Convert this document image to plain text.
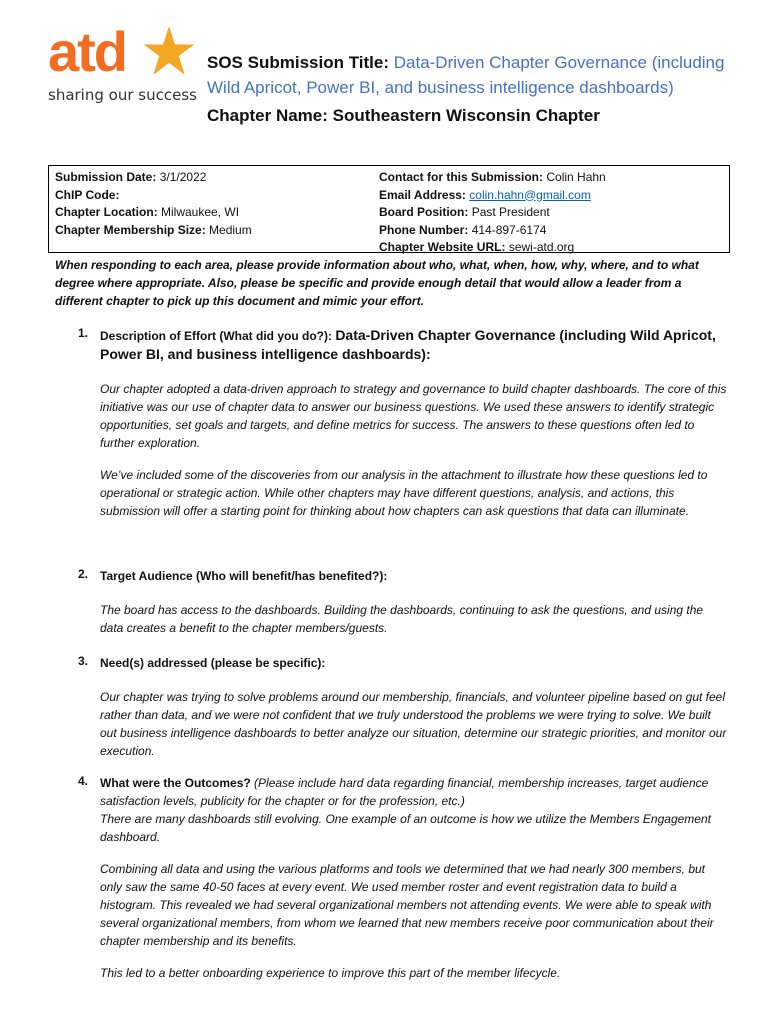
atd
sharing our success

SOS Submission Title: Data-Driven Chapter Governance (including Wild Apricot, Power BI, and business intelligence dashboards)

Chapter Name: Southeastern Wisconsin Chapter

Submission Date: 3/1/2022
ChIP Code:
Chapter Location: Milwaukee, WI
Chapter Membership Size: Medium
Contact for this Submission: Colin Hahn
Email Address: colin.hahn@gmail.com
Board Position: Past President
Phone Number: 414-897-6174
Chapter Website URL: sewi-atd.org
When responding to each area, please provide information about who, what, when, how, why, where, and to what degree where appropriate. Also, please be specific and provide enough detail that would allow a leader from a different chapter to pick up this document and mimic your effort.
1. Description of Effort (What did you do?): Data-Driven Chapter Governance (including Wild Apricot, Power BI, and business intelligence dashboards):

Our chapter adopted a data-driven approach to strategy and governance to build chapter dashboards. The core of this initiative was our use of chapter data to answer our business questions. We used these answers to identify strategic opportunities, set goals and targets, and define metrics for success. The answers to these questions often led to further exploration.

We’ve included some of the discoveries from our analysis in the attachment to illustrate how these questions led to operational or strategic action. While other chapters may have different questions, analysis, and actions, this submission will offer a starting point for thinking about how chapters can ask questions that data can illuminate.

2. Target Audience (Who will benefit/has benefited?):

The board has access to the dashboards. Building the dashboards, continuing to ask the questions, and using the data creates a benefit to the chapter members/guests.

3. Need(s) addressed (please be specific):

Our chapter was trying to solve problems around our membership, financials, and volunteer pipeline based on gut feel rather than data, and we were not confident that we truly understood the problems we were trying to solve. We built out business intelligence dashboards to better analyze our situation, determine our strategic priorities, and monitor our execution.

4. What were the Outcomes? (Please include hard data regarding financial, membership increases, target audience satisfaction levels, publicity for the chapter or for the profession, etc.)

There are many dashboards still evolving. One example of an outcome is how we utilize the Members Engagement dashboard.

Combining all data and using the various platforms and tools we determined that we had nearly 300 members, but only saw the same 40-50 faces at every event. We used member roster and event registration data to build a histogram. This revealed we had several organizational members not attending events. We were able to speak with several organizational members, from whom we learned that new members receive poor communication about their chapter membership and its benefits.

This led to a better onboarding experience to improve this part of the member lifecycle.
